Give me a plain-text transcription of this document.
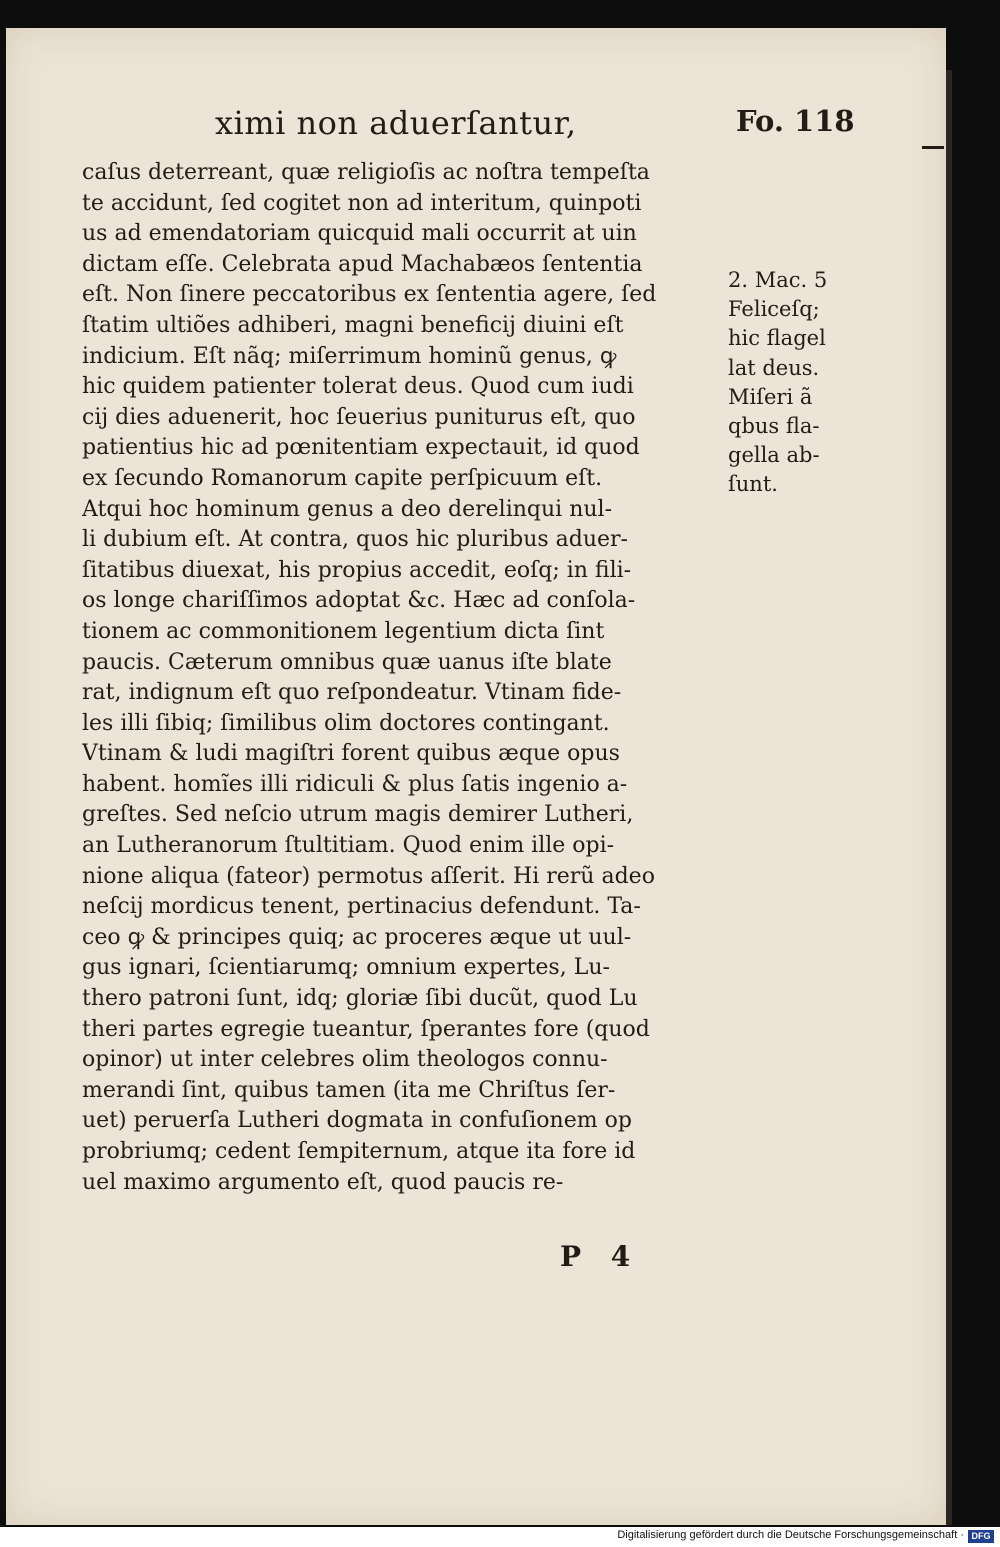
ximi non aduerſantur,	Fo. 118
caſus deterreant, quæ religioſis ac noſtra tempeſta
te accidunt, ſed cogitet non ad interitum, quinpoti
us ad emendatoriam quicquid mali occurrit at uin
dictam eſſe. Celebrata apud Machabæos ſententia
eſt. Non ſinere peccatoribus ex ſententia agere, ſed
ſtatim ultiões adhiberi, magni beneficij diuini eſt
indicium. Eſt nãq; miſerrimum hominũ genus, ꝙ
hic quidem patienter tolerat deus. Quod cum iudi
cij dies aduenerit, hoc ſeuerius puniturus eſt, quo
patientius hic ad pœnitentiam expectauit, id quod
ex ſecundo Romanorum capite perſpicuum eſt.
Atqui hoc hominum genus a deo derelinqui nul-
li dubium eſt. At contra, quos hic pluribus aduer-
ſitatibus diuexat, his propius accedit, eoſq; in fili-
os longe chariſſimos adoptat &c. Hæc ad conſola-
tionem ac commonitionem legentium dicta ſint
paucis. Cæterum omnibus quæ uanus iſte blate
rat, indignum eſt quo reſpondeatur. Vtinam fide-
les illi ſibiq; ſimilibus olim doctores contingant.
Vtinam & ludi magiſtri forent quibus æque opus
habent. homĩes illi ridiculi & plus ſatis ingenio a-
greſtes. Sed neſcio utrum magis demirer Lutheri,
an Lutheranorum ſtultitiam. Quod enim ille opi-
nione aliqua (fateor) permotus aſſerit. Hi rerũ adeo
neſcij mordicus tenent, pertinacius defendunt. Ta-
ceo ꝙ & principes quiq; ac proceres æque ut uul-
gus ignari, ſcientiarumq; omnium expertes, Lu-
thero patroni ſunt, idq; gloriæ ſibi ducũt, quod Lu
theri partes egregie tueantur, ſperantes fore (quod
opinor) ut inter celebres olim theologos connu-
merandi ſint, quibus tamen (ita me Chriſtus ſer-
uet) peruerſa Lutheri dogmata in confuſionem op
probriumq; cedent ſempiternum, atque ita fore id
uel maximo argumento eſt, quod paucis re-
2. Mac. 5
Feliceſq;
hic flagel
lat deus.
Miſeri ã
qbus fla-
gella ab-
ſunt.
P 4
Digitalisierung gefördert durch die Deutsche Forschungsgemeinschaft · DFG
